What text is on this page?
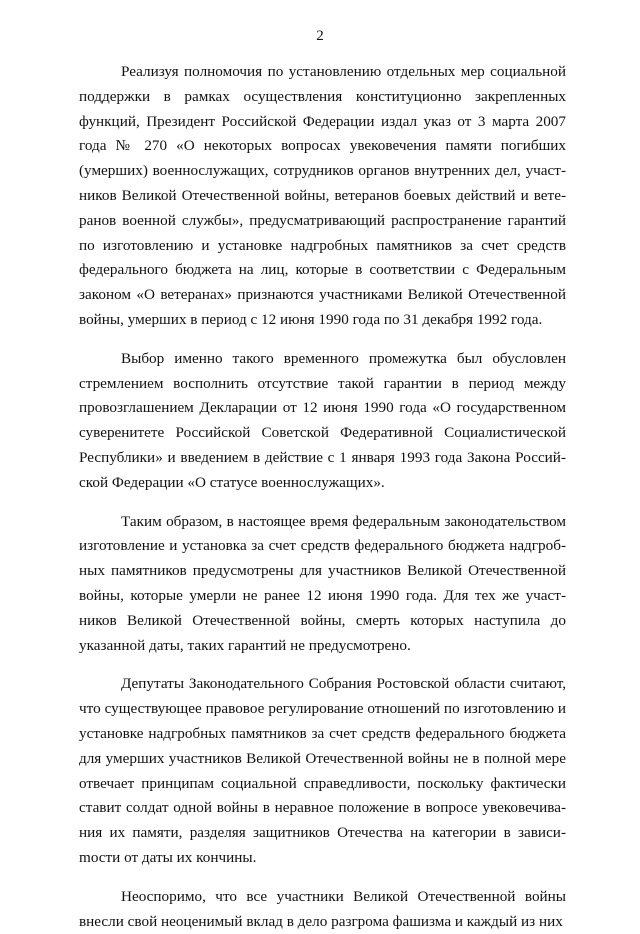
2

Реализуя полномочия по установлению отдельных мер социальной поддержки в рамках осуществления конституционно закрепленных функций, Президент Российской Федерации издал указ от 3 марта 2007 года № 270 «О некоторых вопросах увековечения памяти погибших (умерших) военнослужащих, сотрудников органов внутренних дел, участников Великой Отечественной войны, ветеранов боевых действий и ветеранов военной службы», предусматривающий распространение гарантий по изготовлению и установке надгробных памятников за счет средств федерального бюджета на лиц, которые в соответствии с Федеральным законом «О ветеранах» признаются участниками Великой Отечественной войны, умерших в период с 12 июня 1990 года по 31 декабря 1992 года.

Выбор именно такого временного промежутка был обусловлен стремлением восполнить отсутствие такой гарантии в период между провозглашением Декларации от 12 июня 1990 года «О государственном суверенитете Российской Советской Федеративной Социалистической Республики» и введением в действие с 1 января 1993 года Закона Российской Федерации «О статусе военнослужащих».

Таким образом, в настоящее время федеральным законодательством изготовление и установка за счет средств федерального бюджета надгробных памятников предусмотрены для участников Великой Отечественной войны, которые умерли не ранее 12 июня 1990 года. Для тех же участников Великой Отечественной войны, смерть которых наступила до указанной даты, таких гарантий не предусмотрено.

Депутаты Законодательного Собрания Ростовской области считают, что существующее правовое регулирование отношений по изготовлению и установке надгробных памятников за счет средств федерального бюджета для умерших участников Великой Отечественной войны не в полной мере отвечает принципам социальной справедливости, поскольку фактически ставит солдат одной войны в неравное положение в вопросе увековечивания их памяти, разделяя защитников Отечества на категории в зависиmости от даты их кончины.

Неоспоримо, что все участники Великой Отечественной войны внесли свой неоценимый вклад в дело разгрома фашизма и каждый из них
